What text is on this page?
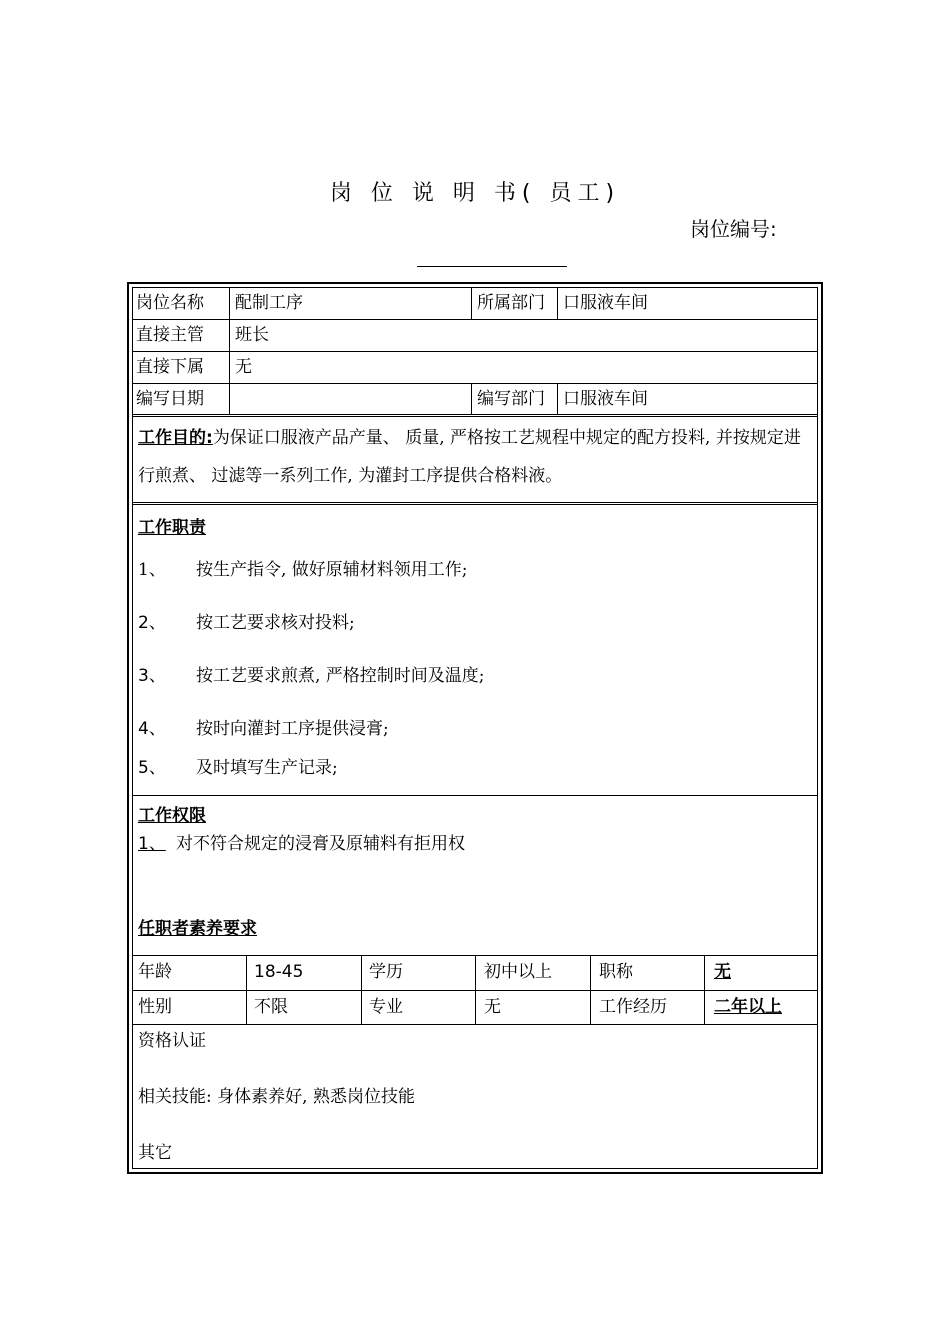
岗 位 说 明 书( 员工)
岗位编号:
岗位名称 配制工序	所属部门 口服液车间
直接主管 班长
直接下属 无
编写日期	编写部门 口服液车间
工作目的:为保证口服液产品产量、 质量, 严格按工艺规程中规定的配方投料, 并按规定进行煎煮、 过滤等一系列工作, 为灌封工序提供合格料液。
工作职责
1、 按生产指令, 做好原辅材料领用工作;
2、 按工艺要求核对投料;
3、 按工艺要求煎煮, 严格控制时间及温度;
4、 按时向灌封工序提供浸膏;
5、 及时填写生产记录;
工作权限
1、 对不符合规定的浸膏及原辅料有拒用权
任职者素养要求
年龄	18-45	学历	初中以上	职称	无
性别	不限	专业	无	工作经历	二年以上
资格认证
相关技能: 身体素养好, 熟悉岗位技能
其它
